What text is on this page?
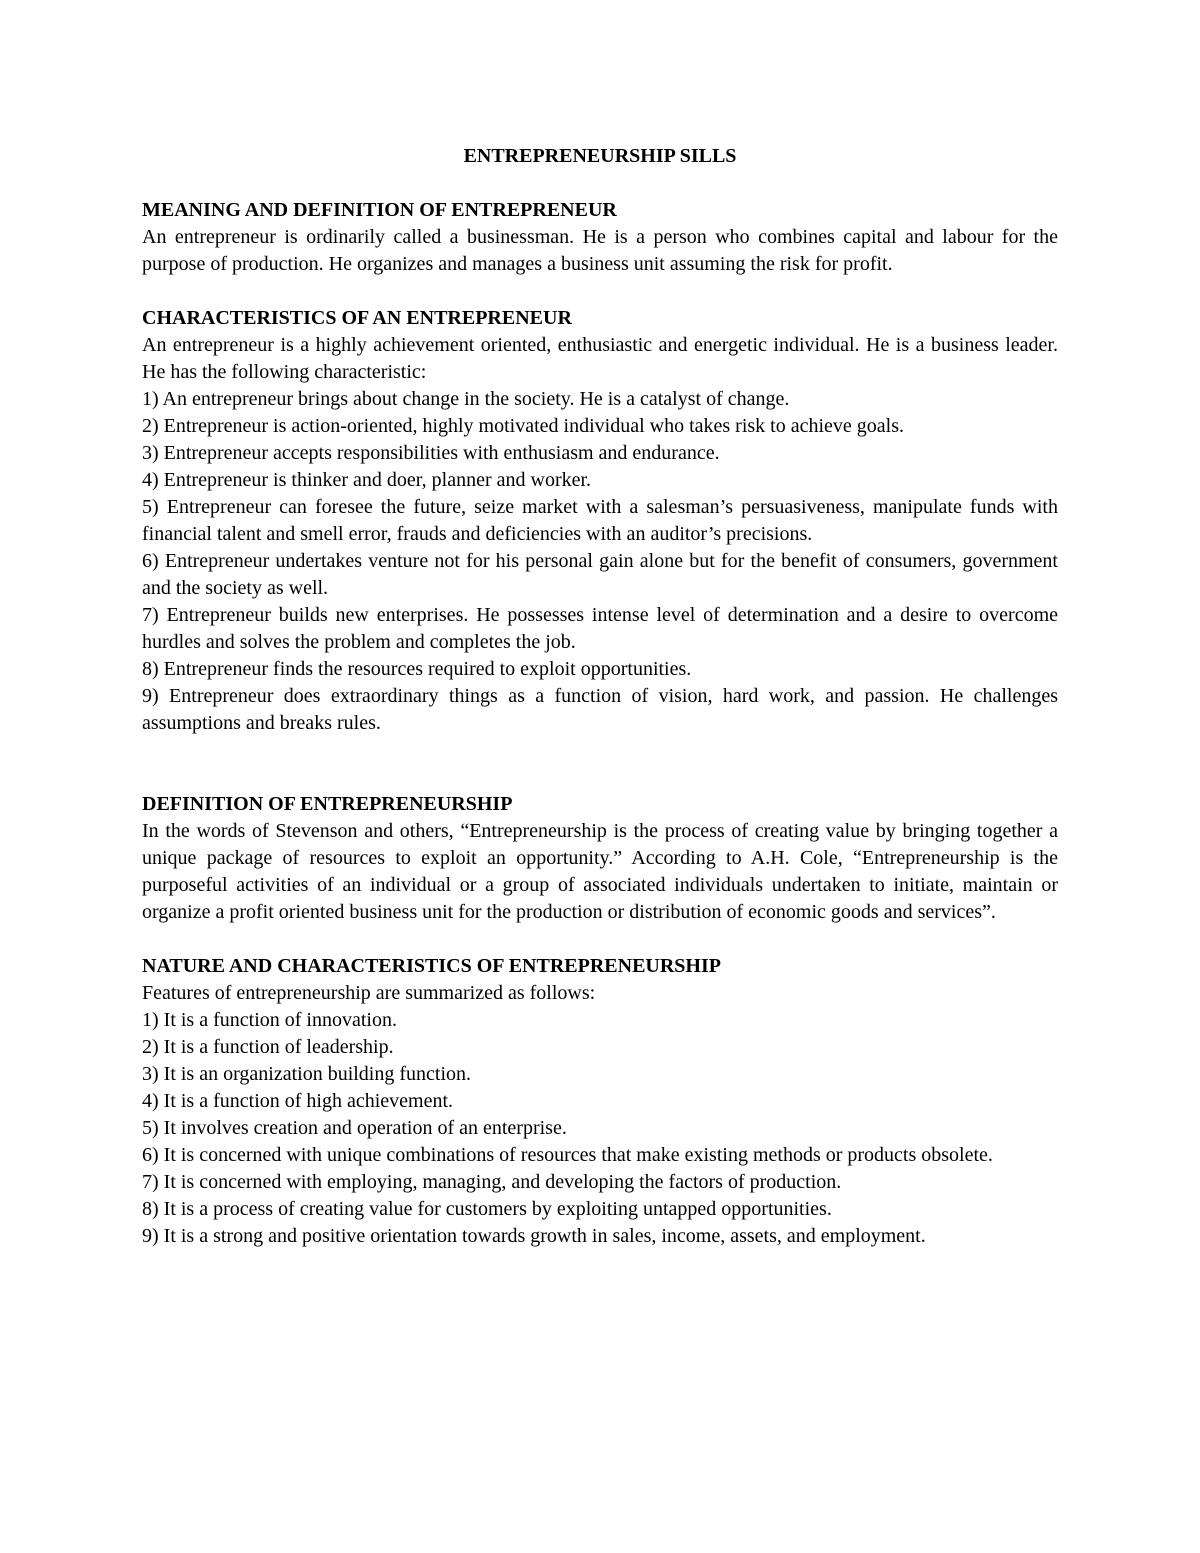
ENTREPRENEURSHIP SILLS

MEANING AND DEFINITION OF ENTREPRENEUR

An entrepreneur is ordinarily called a businessman. He is a person who combines capital and labour for the purpose of production. He organizes and manages a business unit assuming the risk for profit.

CHARACTERISTICS OF AN ENTREPRENEUR

An entrepreneur is a highly achievement oriented, enthusiastic and energetic individual. He is a business leader. He has the following characteristic:

1) An entrepreneur brings about change in the society. He is a catalyst of change.
2) Entrepreneur is action-oriented, highly motivated individual who takes risk to achieve goals.
3) Entrepreneur accepts responsibilities with enthusiasm and endurance.
4) Entrepreneur is thinker and doer, planner and worker.
5) Entrepreneur can foresee the future, seize market with a salesman’s persuasiveness, manipulate funds with financial talent and smell error, frauds and deficiencies with an auditor’s precisions.
6) Entrepreneur undertakes venture not for his personal gain alone but for the benefit of consumers, government and the society as well.
7) Entrepreneur builds new enterprises. He possesses intense level of determination and a desire to overcome hurdles and solves the problem and completes the job.
8) Entrepreneur finds the resources required to exploit opportunities.
9) Entrepreneur does extraordinary things as a function of vision, hard work, and passion. He challenges assumptions and breaks rules.

DEFINITION OF ENTREPRENEURSHIP

In the words of Stevenson and others, “Entrepreneurship is the process of creating value by bringing together a unique package of resources to exploit an opportunity.” According to A.H. Cole, “Entrepreneurship is the purposeful activities of an individual or a group of associated individuals undertaken to initiate, maintain or organize a profit oriented business unit for the production or distribution of economic goods and services”.

NATURE AND CHARACTERISTICS OF ENTREPRENEURSHIP

Features of entrepreneurship are summarized as follows:

1) It is a function of innovation.
2) It is a function of leadership.
3) It is an organization building function.
4) It is a function of high achievement.
5) It involves creation and operation of an enterprise.
6) It is concerned with unique combinations of resources that make existing methods or products obsolete.
7) It is concerned with employing, managing, and developing the factors of production.
8) It is a process of creating value for customers by exploiting untapped opportunities.
9) It is a strong and positive orientation towards growth in sales, income, assets, and employment.
